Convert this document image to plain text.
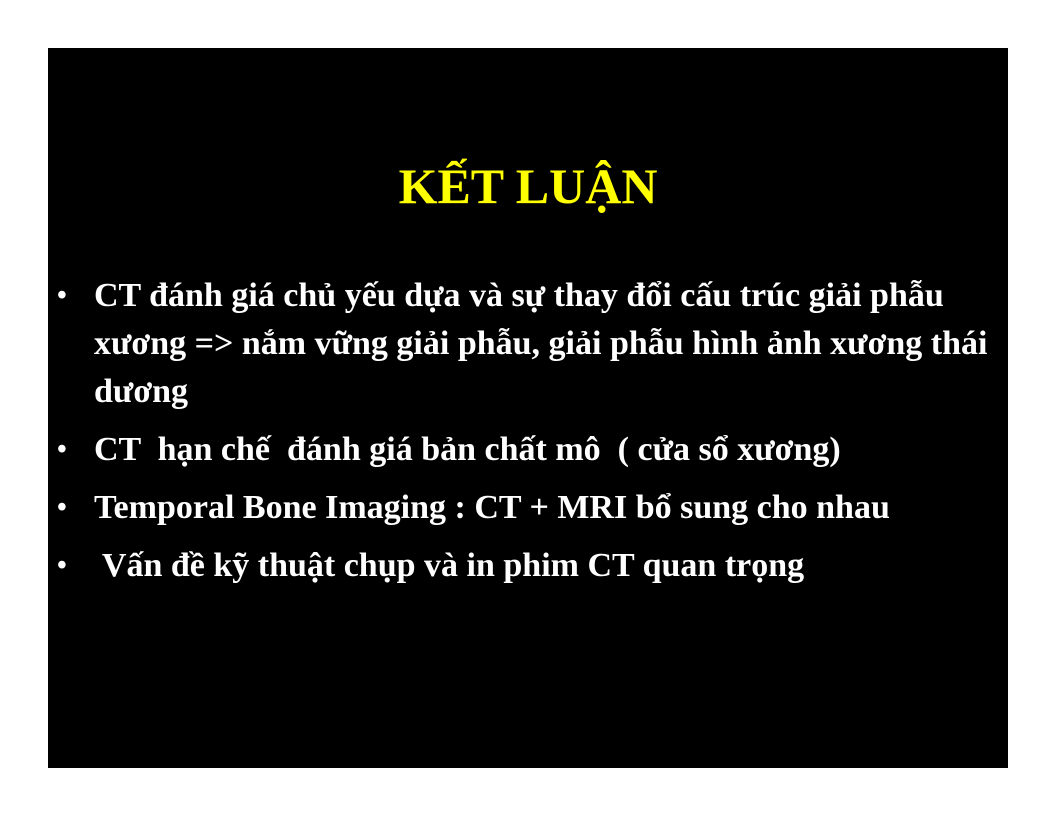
KẾT LUẬN
• CT đánh giá chủ yếu dựa và sự thay đổi cấu trúc giải phẫu xương => nắm vững giải phẫu, giải phẫu hình ảnh xương thái dương
• CT  hạn chế  đánh giá bản chất mô  ( cửa sổ xương)
• Temporal Bone Imaging : CT + MRI bổ sung cho nhau
• Vấn đề kỹ thuật chụp và in phim CT quan trọng
